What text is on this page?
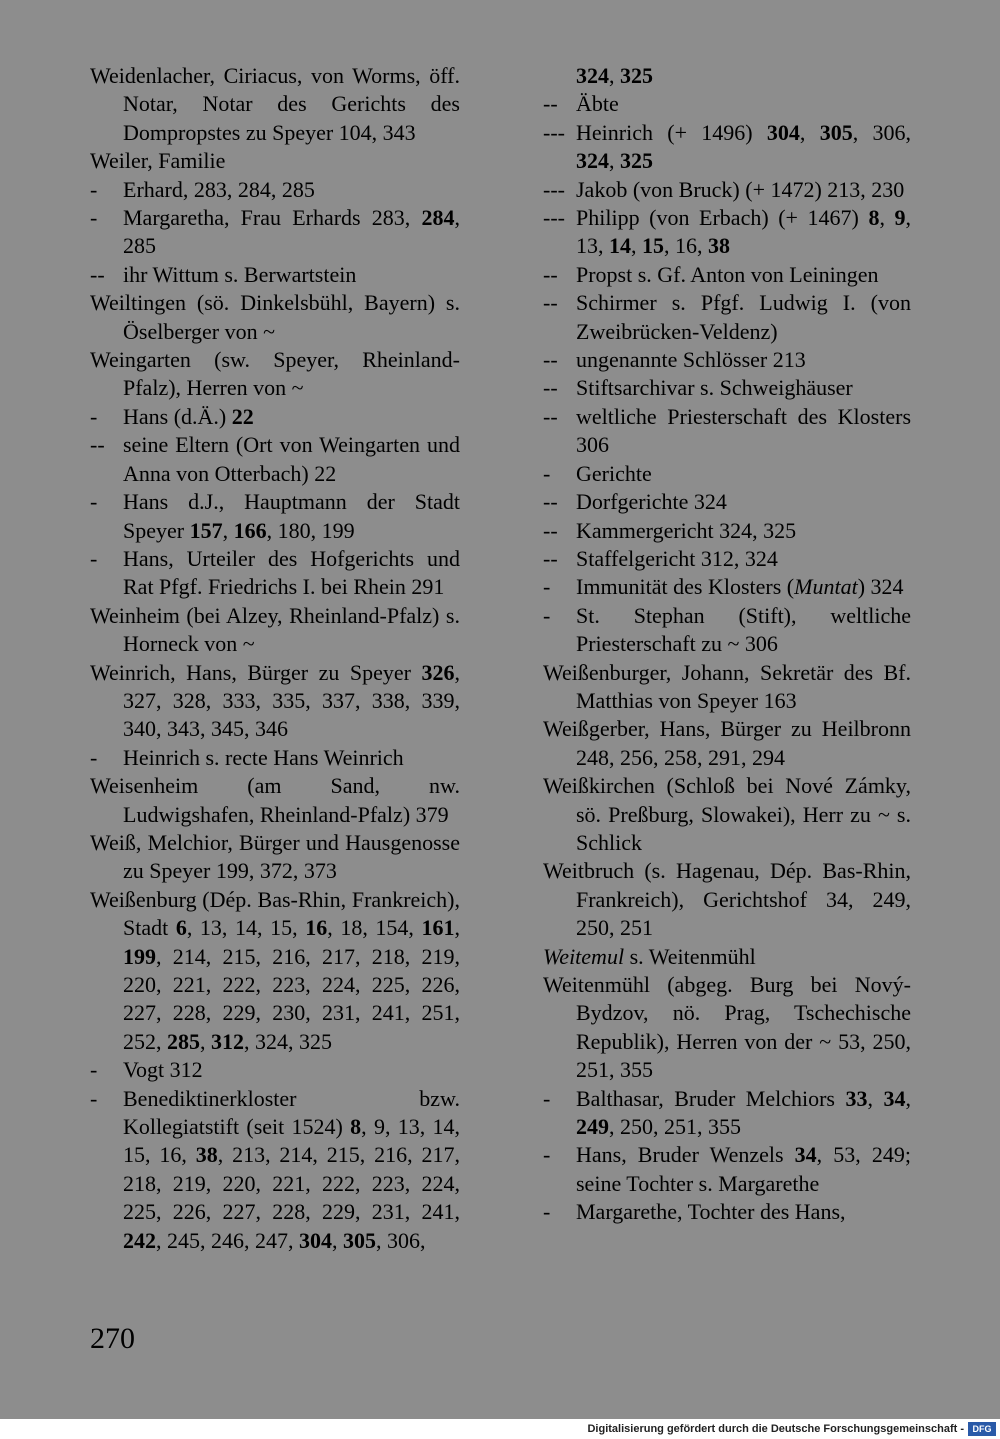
Weidenlacher, Ciriacus, von Worms, öff. Notar, Notar des Gerichts des Dompropstes zu Speyer 104, 343
Weiler, Familie
-	Erhard, 283, 284, 285
-	Margaretha, Frau Erhards 283, 284, 285
-- ihr Wittum s. Berwartstein
Weiltingen (sö. Dinkelsbühl, Bayern) s. Öselberger von ~
Weingarten (sw. Speyer, Rheinland-Pfalz), Herren von ~
-	Hans (d.Ä.) 22
-- seine Eltern (Ort von Weingarten und Anna von Otterbach) 22
-	Hans d.J., Hauptmann der Stadt Speyer 157, 166, 180, 199
-	Hans, Urteiler des Hofgerichts und Rat Pfgf. Friedrichs I. bei Rhein 291
Weinheim (bei Alzey, Rheinland-Pfalz) s. Horneck von ~
Weinrich, Hans, Bürger zu Speyer 326, 327, 328, 333, 335, 337, 338, 339, 340, 343, 345, 346
-	Heinrich s. recte Hans Weinrich
Weisenheim (am Sand, nw. Ludwigshafen, Rheinland-Pfalz) 379
Weiß, Melchior, Bürger und Hausgenosse zu Speyer 199, 372, 373
Weißenburg (Dép. Bas-Rhin, Frankreich), Stadt 6, 13, 14, 15, 16, 18, 154, 161, 199, 214, 215, 216, 217, 218, 219, 220, 221, 222, 223, 224, 225, 226, 227, 228, 229, 230, 231, 241, 251, 252, 285, 312, 324, 325
-	Vogt 312
-	Benediktinerkloster bzw. Kollegiatstift (seit 1524) 8, 9, 13, 14, 15, 16, 38, 213, 214, 215, 216, 217, 218, 219, 220, 221, 222, 223, 224, 225, 226, 227, 228, 229, 231, 241, 242, 245, 246, 247, 304, 305, 306,
324, 325
-- Äbte
--- Heinrich (+ 1496) 304, 305, 306, 324, 325
--- Jakob (von Bruck) (+ 1472) 213, 230
--- Philipp (von Erbach) (+ 1467) 8, 9, 13, 14, 15, 16, 38
-- Propst s. Gf. Anton von Leiningen
-- Schirmer s. Pfgf. Ludwig I. (von Zweibrücken-Veldenz)
-- ungenannte Schlösser 213
-- Stiftsarchivar s. Schweighäuser
-- weltliche Priesterschaft des Klosters 306
-	Gerichte
-- Dorfgerichte 324
-- Kammergericht 324, 325
-- Staffelgericht 312, 324
-	Immunität des Klosters (Muntat) 324
-	St. Stephan (Stift), weltliche Priesterschaft zu ~ 306
Weißenburger, Johann, Sekretär des Bf. Matthias von Speyer 163
Weißgerber, Hans, Bürger zu Heilbronn 248, 256, 258, 291, 294
Weißkirchen (Schloß bei Nové Zámky, sö. Preßburg, Slowakei), Herr zu ~ s. Schlick
Weitbruch (s. Hagenau, Dép. Bas-Rhin, Frankreich), Gerichtshof 34, 249, 250, 251
Weitemul s. Weitenmühl
Weitenmühl (abgeg. Burg bei Nový-Bydzov, nö. Prag, Tschechische Republik), Herren von der ~ 53, 250, 251, 355
-	Balthasar, Bruder Melchiors 33, 34, 249, 250, 251, 355
-	Hans, Bruder Wenzels 34, 53, 249; seine Tochter s. Margarethe
-	Margarethe, Tochter des Hans,
270
Digitalisierung gefördert durch die Deutsche Forschungsgemeinschaft - DFG
